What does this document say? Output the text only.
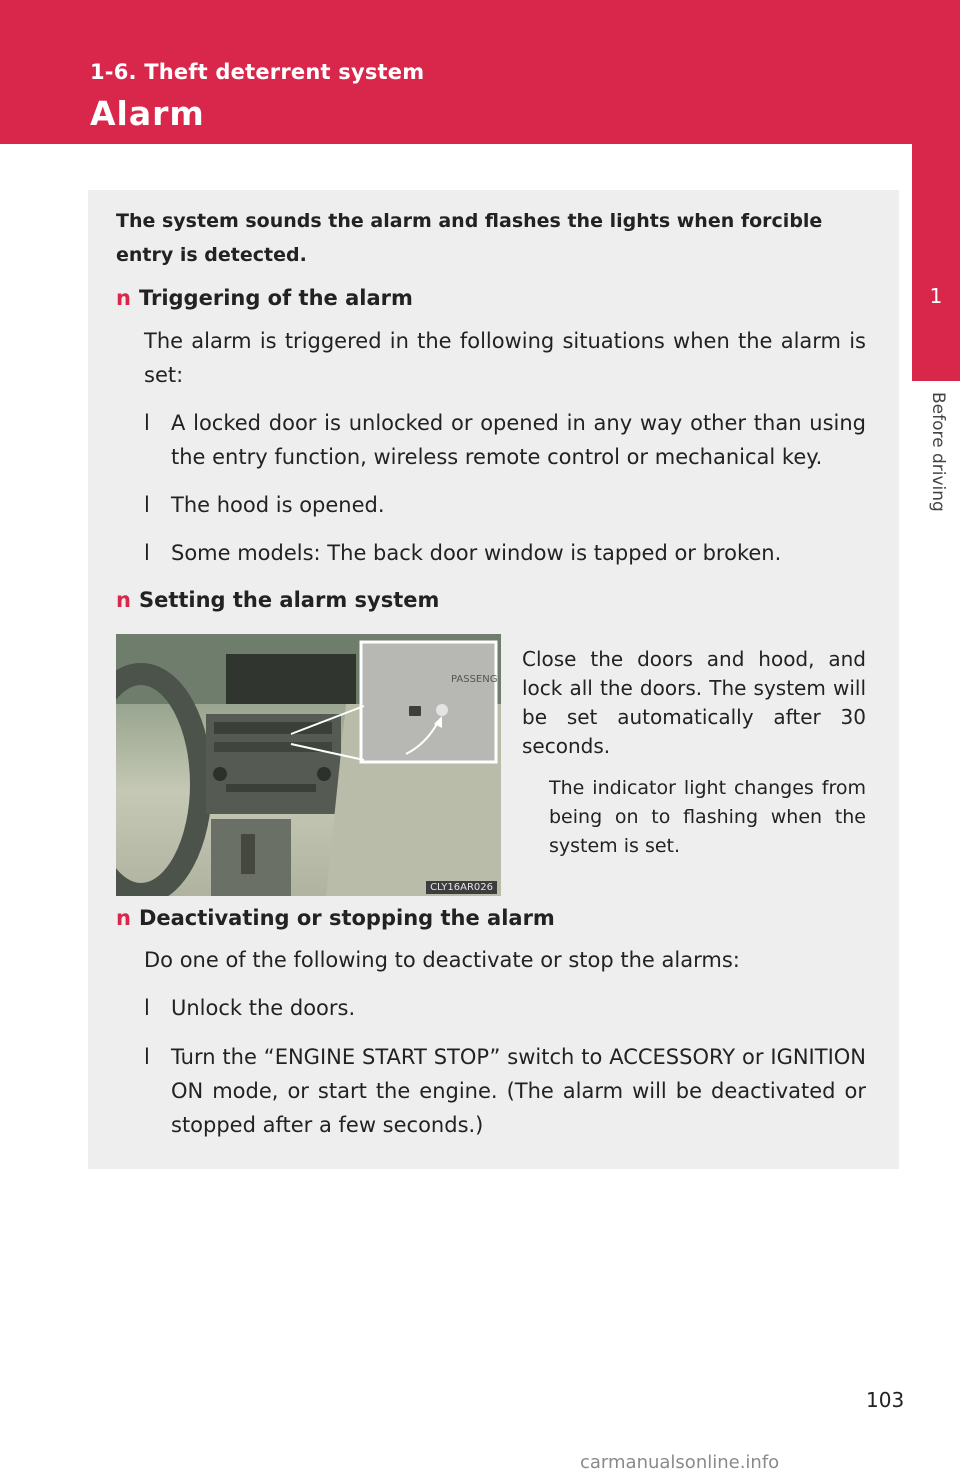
1-6. Theft deterrent system
Alarm
1
Before driving
The system sounds the alarm and flashes the lights when forcible entry is detected.
n Triggering of the alarm
The alarm is triggered in the following situations when the alarm is set:
l A locked door is unlocked or opened in any way other than using the entry function, wireless remote control or mechanical key.
l The hood is opened.
l Some models: The back door window is tapped or broken.
n Setting the alarm system
PASSENG
CLY16AR026
Close the doors and hood, and lock all the doors. The system will be set automatically after 30 seconds.
The indicator light changes from being on to flashing when the system is set.
n Deactivating or stopping the alarm
Do one of the following to deactivate or stop the alarms:
l Unlock the doors.
l Turn the “ENGINE START STOP” switch to ACCESSORY or IGNITION ON mode, or start the engine. (The alarm will be deactivated or stopped after a few seconds.)
103
carmanualsonline.info
